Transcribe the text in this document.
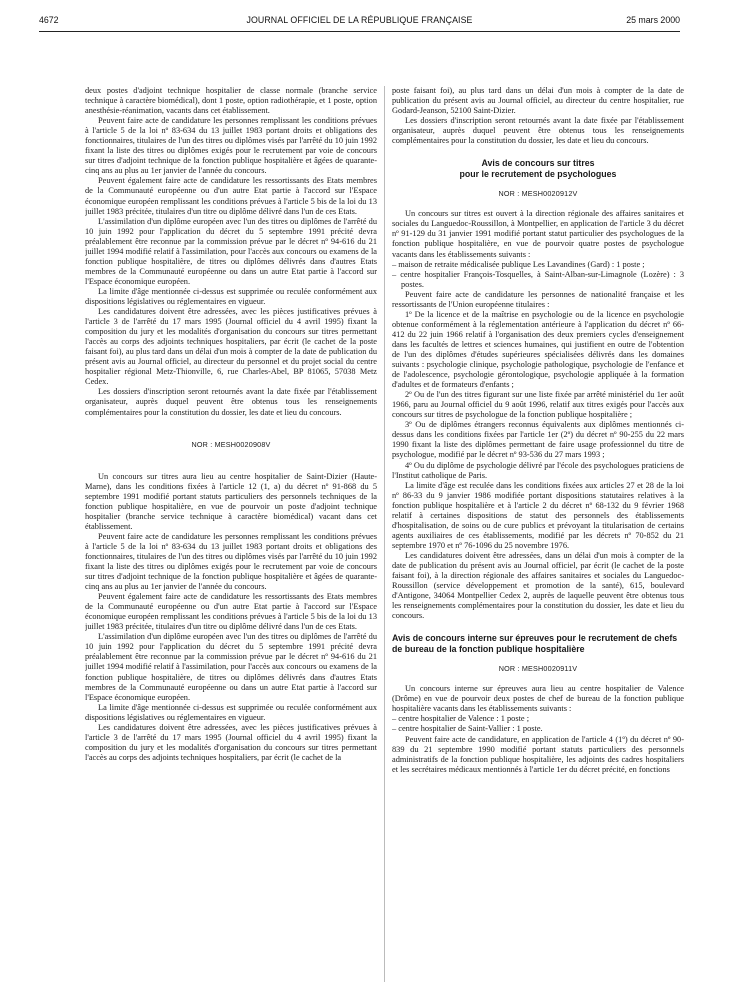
4672	JOURNAL OFFICIEL DE LA RÉPUBLIQUE FRANÇAISE	25 mars 2000

deux postes d'adjoint technique hospitalier de classe normale (branche service technique à caractère biomédical), dont 1 poste, option radiothérapie, et 1 poste, option anesthésie-réanimation, vacants dans cet établissement.

Peuvent faire acte de candidature les personnes remplissant les conditions prévues à l'article 5 de la loi nº 83-634 du 13 juillet 1983 portant droits et obligations des fonctionnaires, titulaires de l'un des titres ou diplômes visés par l'arrêté du 10 juin 1992 fixant la liste des titres ou diplômes exigés pour le recrutement par voie de concours sur titres d'adjoint technique de la fonction publique hospitalière et âgées de quarante-cinq ans au plus au 1er janvier de l'année du concours.

Peuvent également faire acte de candidature les ressortissants des Etats membres de la Communauté européenne ou d'un autre Etat partie à l'accord sur l'Espace économique européen remplissant les conditions prévues à l'article 5 bis de la loi du 13 juillet 1983 précitée, titulaires d'un titre ou diplôme délivré dans l'un de ces Etats.

L'assimilation d'un diplôme européen avec l'un des titres ou diplômes de l'arrêté du 10 juin 1992 pour l'application du décret du 5 septembre 1991 précité devra préalablement être reconnue par la commission prévue par le décret nº 94-616 du 21 juillet 1994 modifié relatif à l'assimilation, pour l'accès aux concours ou examens de la fonction publique hospitalière, de titres ou diplômes délivrés dans d'autres Etats membres de la Communauté européenne ou dans un autre Etat partie à l'accord sur l'Espace économique européen.

La limite d'âge mentionnée ci-dessus est supprimée ou reculée conformément aux dispositions législatives ou réglementaires en vigueur.

Les candidatures doivent être adressées, avec les pièces justificatives prévues à l'article 3 de l'arrêté du 17 mars 1995 (Journal officiel du 4 avril 1995) fixant la composition du jury et les modalités d'organisation du concours sur titres permettant l'accès au corps des adjoints techniques hospitaliers, par écrit (le cachet de la poste faisant foi), au plus tard dans un délai d'un mois à compter de la date de publication du présent avis au Journal officiel, au directeur du personnel et du projet social du centre hospitalier régional Metz-Thionville, 6, rue Charles-Abel, BP 81065, 57038 Metz Cedex.

Les dossiers d'inscription seront retournés avant la date fixée par l'établissement organisateur, auprès duquel peuvent être obtenus tous les renseignements complémentaires pour la constitution du dossier, les date et lieu du concours.

NOR : MESH0020908V

Un concours sur titres aura lieu au centre hospitalier de Saint-Dizier (Haute-Marne), dans les conditions fixées à l'article 12 (1, a) du décret nº 91-868 du 5 septembre 1991 modifié portant statuts particuliers des personnels techniques de la fonction publique hospitalière, en vue de pourvoir un poste d'adjoint technique hospitalier (branche service technique à caractère biomédical) vacant dans cet établissement.

Peuvent faire acte de candidature les personnes remplissant les conditions prévues à l'article 5 de la loi nº 83-634 du 13 juillet 1983 portant droits et obligations des fonctionnaires, titulaires de l'un des titres ou diplômes visés par l'arrêté du 10 juin 1992 fixant la liste des titres ou diplômes exigés pour le recrutement par voie de concours sur titres d'adjoint technique de la fonction publique hospitalière et âgées de quarante-cinq ans au plus au 1er janvier de l'année du concours.

Peuvent également faire acte de candidature les ressortissants des Etats membres de la Communauté européenne ou d'un autre Etat partie à l'accord sur l'Espace économique européen remplissant les conditions prévues à l'article 5 bis de la loi du 13 juillet 1983 précitée, titulaires d'un titre ou diplôme délivré dans l'un de ces Etats.

L'assimilation d'un diplôme européen avec l'un des titres ou diplômes de l'arrêté du 10 juin 1992 pour l'application du décret du 5 septembre 1991 précité devra préalablement être reconnue par la commission prévue par le décret nº 94-616 du 21 juillet 1994 modifié relatif à l'assimilation, pour l'accès aux concours ou examens de la fonction publique hospitalière, de titres ou diplômes délivrés dans d'autres Etats membres de la Communauté européenne ou dans un autre Etat partie à l'accord sur l'Espace économique européen.

La limite d'âge mentionnée ci-dessus est supprimée ou reculée conformément aux dispositions législatives ou réglementaires en vigueur.

Les candidatures doivent être adressées, avec les pièces justificatives prévues à l'article 3 de l'arrêté du 17 mars 1995 (Journal officiel du 4 avril 1995) fixant la composition du jury et les modalités d'organisation du concours sur titres permettant l'accès au corps des adjoints techniques hospitaliers, par écrit (le cachet de la

poste faisant foi), au plus tard dans un délai d'un mois à compter de la date de publication du présent avis au Journal officiel, au directeur du centre hospitalier, rue Godard-Jeanson, 52100 Saint-Dizier.

Les dossiers d'inscription seront retournés avant la date fixée par l'établissement organisateur, auprès duquel peuvent être obtenus tous les renseignements complémentaires pour la constitution du dossier, les date et lieu du concours.

Avis de concours sur titres
pour le recrutement de psychologues
NOR : MESH0020912V

Un concours sur titres est ouvert à la direction régionale des affaires sanitaires et sociales du Languedoc-Roussillon, à Montpellier, en application de l'article 3 du décret nº 91-129 du 31 janvier 1991 modifié portant statut particulier des psychologues de la fonction publique hospitalière, en vue de pourvoir quatre postes de psychologue vacants dans les établissements suivants :

– maison de retraite médicalisée publique Les Lavandines (Gard) : 1 poste ;

– centre hospitalier François-Tosquelles, à Saint-Alban-sur-Limagnole (Lozère) : 3 postes.

Peuvent faire acte de candidature les personnes de nationalité française et les ressortissants de l'Union européenne titulaires :

1º De la licence et de la maîtrise en psychologie ou de la licence en psychologie obtenue conformément à la réglementation antérieure à l'application du décret nº 66-412 du 22 juin 1966 relatif à l'organisation des deux premiers cycles d'enseignement dans les facultés de lettres et sciences humaines, qui justifient en outre de l'obtention de l'un des diplômes d'études supérieures spécialisées délivrés dans les domaines suivants : psychologie clinique, psychologie pathologique, psychologie de l'enfance et de l'adolescence, psychologie gérontologique, psychologie appliquée à la formation d'adultes et de formateurs d'enfants ;

2º Ou de l'un des titres figurant sur une liste fixée par arrêté ministériel du 1er août 1966, paru au Journal officiel du 9 août 1996, relatif aux titres exigés pour l'accès aux concours sur titres de psychologue de la fonction publique hospitalière ;

3º Ou de diplômes étrangers reconnus équivalents aux diplômes mentionnés ci-dessus dans les conditions fixées par l'article 1er (2º) du décret nº 90-255 du 22 mars 1990 fixant la liste des diplômes permettant de faire usage professionnel du titre de psychologue, modifié par le décret nº 93-536 du 27 mars 1993 ;

4º Ou du diplôme de psychologie délivré par l'école des psychologues praticiens de l'Institut catholique de Paris.

La limite d'âge est reculée dans les conditions fixées aux articles 27 et 28 de la loi nº 86-33 du 9 janvier 1986 modifiée portant dispositions statutaires relatives à la fonction publique hospitalière et à l'article 2 du décret nº 68-132 du 9 février 1968 relatif à certaines dispositions de statut des personnels des établissements d'hospitalisation, de soins ou de cure publics et prévoyant la titularisation de certains agents auxiliaires de ces établissements, modifié par les décrets nº 70-852 du 21 septembre 1970 et nº 76-1096 du 25 novembre 1976.

Les candidatures doivent être adressées, dans un délai d'un mois à compter de la date de publication du présent avis au Journal officiel, par écrit (le cachet de la poste faisant foi), à la direction régionale des affaires sanitaires et sociales du Languedoc-Roussillon (service développement et promotion de la santé), 615, boulevard d'Antigone, 34064 Montpellier Cedex 2, auprès de laquelle peuvent être obtenus tous les renseignements complémentaires pour la constitution du dossier, les date et lieu du concours.

Avis de concours interne sur épreuves pour le recrutement de chefs de bureau de la fonction publique hospitalière
NOR : MESH0020911V

Un concours interne sur épreuves aura lieu au centre hospitalier de Valence (Drôme) en vue de pourvoir deux postes de chef de bureau de la fonction publique hospitalière vacants dans les établissements suivants :

– centre hospitalier de Valence : 1 poste ;

– centre hospitalier de Saint-Vallier : 1 poste.

Peuvent faire acte de candidature, en application de l'article 4 (1º) du décret nº 90-839 du 21 septembre 1990 modifié portant statuts particuliers des personnels administratifs de la fonction publique hospitalière, les adjoints des cadres hospitaliers et les secrétaires médicaux mentionnés à l'article 1er du décret précité, en fonctions
